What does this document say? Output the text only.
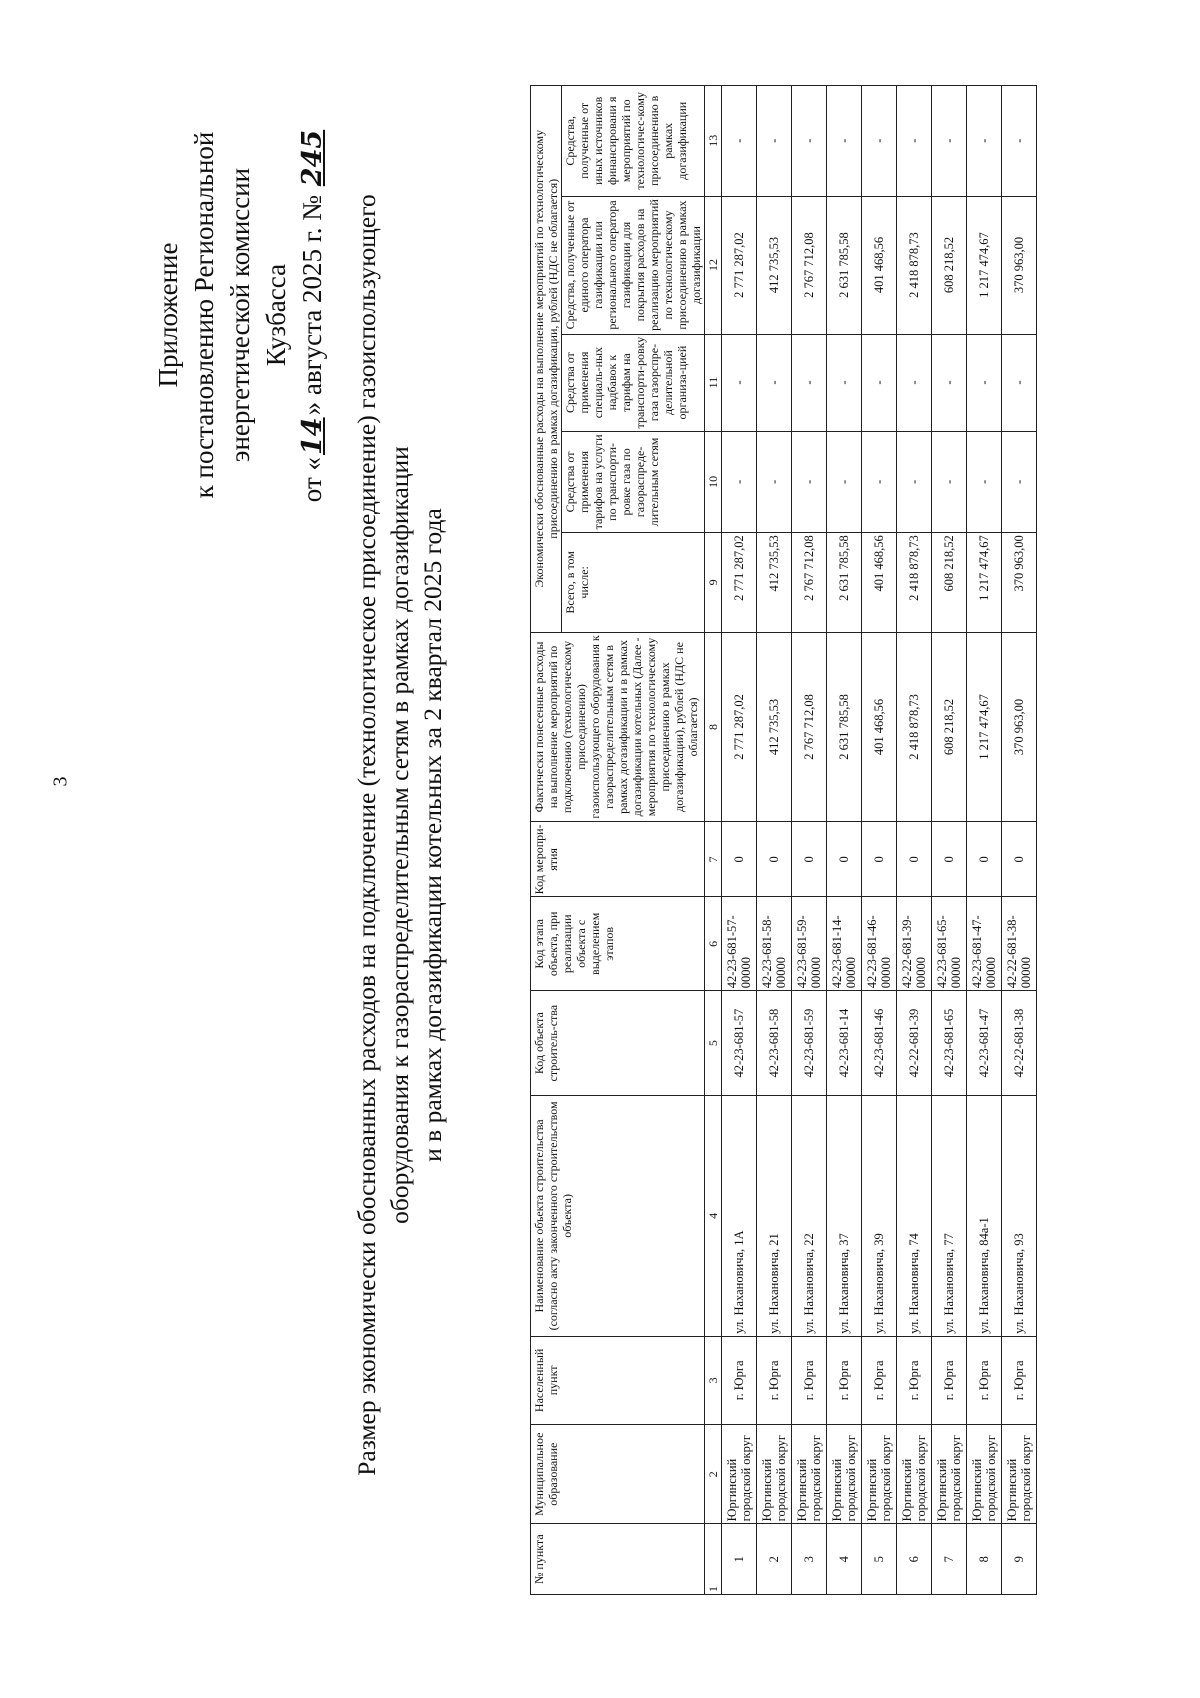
3
Приложение к постановлению Региональной энергетической комиссии Кузбасса
от «14» августа 2025 г. № 245
Размер экономически обоснованных расходов на подключение (технологическое присоединение) газоиспользующего оборудования к газораспределительным сетям в рамках догазификации и в рамках догазификации котельных за 2 квартал 2025 года
№ пункта	Муниципальное образование	Населенный пункт	Наименование объекта строительства (согласно акту законченного строительством объекта)	Код объекта строитель-ства	Код этапа объекта, при реализации объекта с выделением этапов	Код меропри-ятия	Фактически понесенные расходы на выполнение мероприятий по подключению (технологическому присоединению) газоиспользующего оборудования к газораспределительным сетям в рамках догазификации и в рамках догазификации котельных (Далее - мероприятия по технологическому присоединению в рамках догазификации), рублей (НДС не облагается)	Экономически обоснованные расходы на выполнение мероприятий по технологическому присоединению в рамках догазификации, рублей (НДС не облагается)				
								Всего, в том числе:	Средства от применения тарифов на услуги по транспорти-ровке газа по газораспреде-лительным сетям	Средства от применения специаль-ных надбавок к тарифам на транспорти-ровку газа газорспре-делительной организа-цией	Средства, полученные от единого оператора газификации или регионального оператора газификации для покрытия расходов на реализацию мероприятий по технологическому присоединению в рамках догазификации	Средства, полученные от иных источников финансировани я мероприятий по технологичес-кому присоединению в рамках догазификации
1	2	3	4	5	6	7	8	9	10	11	12	13
1	Юргинский городской округ	г. Юрга	ул. Нахановича, 1А	42-23-681-57	42-23-681-57-00000	0	2 771 287,02	2 771 287,02	-	-	2 771 287,02	-
2	Юргинский городской округ	г. Юрга	ул. Нахановича, 21	42-23-681-58	42-23-681-58-00000	0	412 735,53	412 735,53	-	-	412 735,53	-
3	Юргинский городской округ	г. Юрга	ул. Нахановича, 22	42-23-681-59	42-23-681-59-00000	0	2 767 712,08	2 767 712,08	-	-	2 767 712,08	-
4	Юргинский городской округ	г. Юрга	ул. Нахановича, 37	42-23-681-14	42-23-681-14-00000	0	2 631 785,58	2 631 785,58	-	-	2 631 785,58	-
5	Юргинский городской округ	г. Юрга	ул. Нахановича, 39	42-23-681-46	42-23-681-46-00000	0	401 468,56	401 468,56	-	-	401 468,56	-
6	Юргинский городской округ	г. Юрга	ул. Нахановича, 74	42-22-681-39	42-22-681-39-00000	0	2 418 878,73	2 418 878,73	-	-	2 418 878,73	-
7	Юргинский городской округ	г. Юрга	ул. Нахановича, 77	42-23-681-65	42-23-681-65-00000	0	608 218,52	608 218,52	-	-	608 218,52	-
8	Юргинский городской округ	г. Юрга	ул. Нахановича, 84а-1	42-23-681-47	42-23-681-47-00000	0	1 217 474,67	1 217 474,67	-	-	1 217 474,67	-
9	Юргинский городской округ	г. Юрга	ул. Нахановича, 93	42-22-681-38	42-22-681-38-00000	0	370 963,00	370 963,00	-	-	370 963,00	-
